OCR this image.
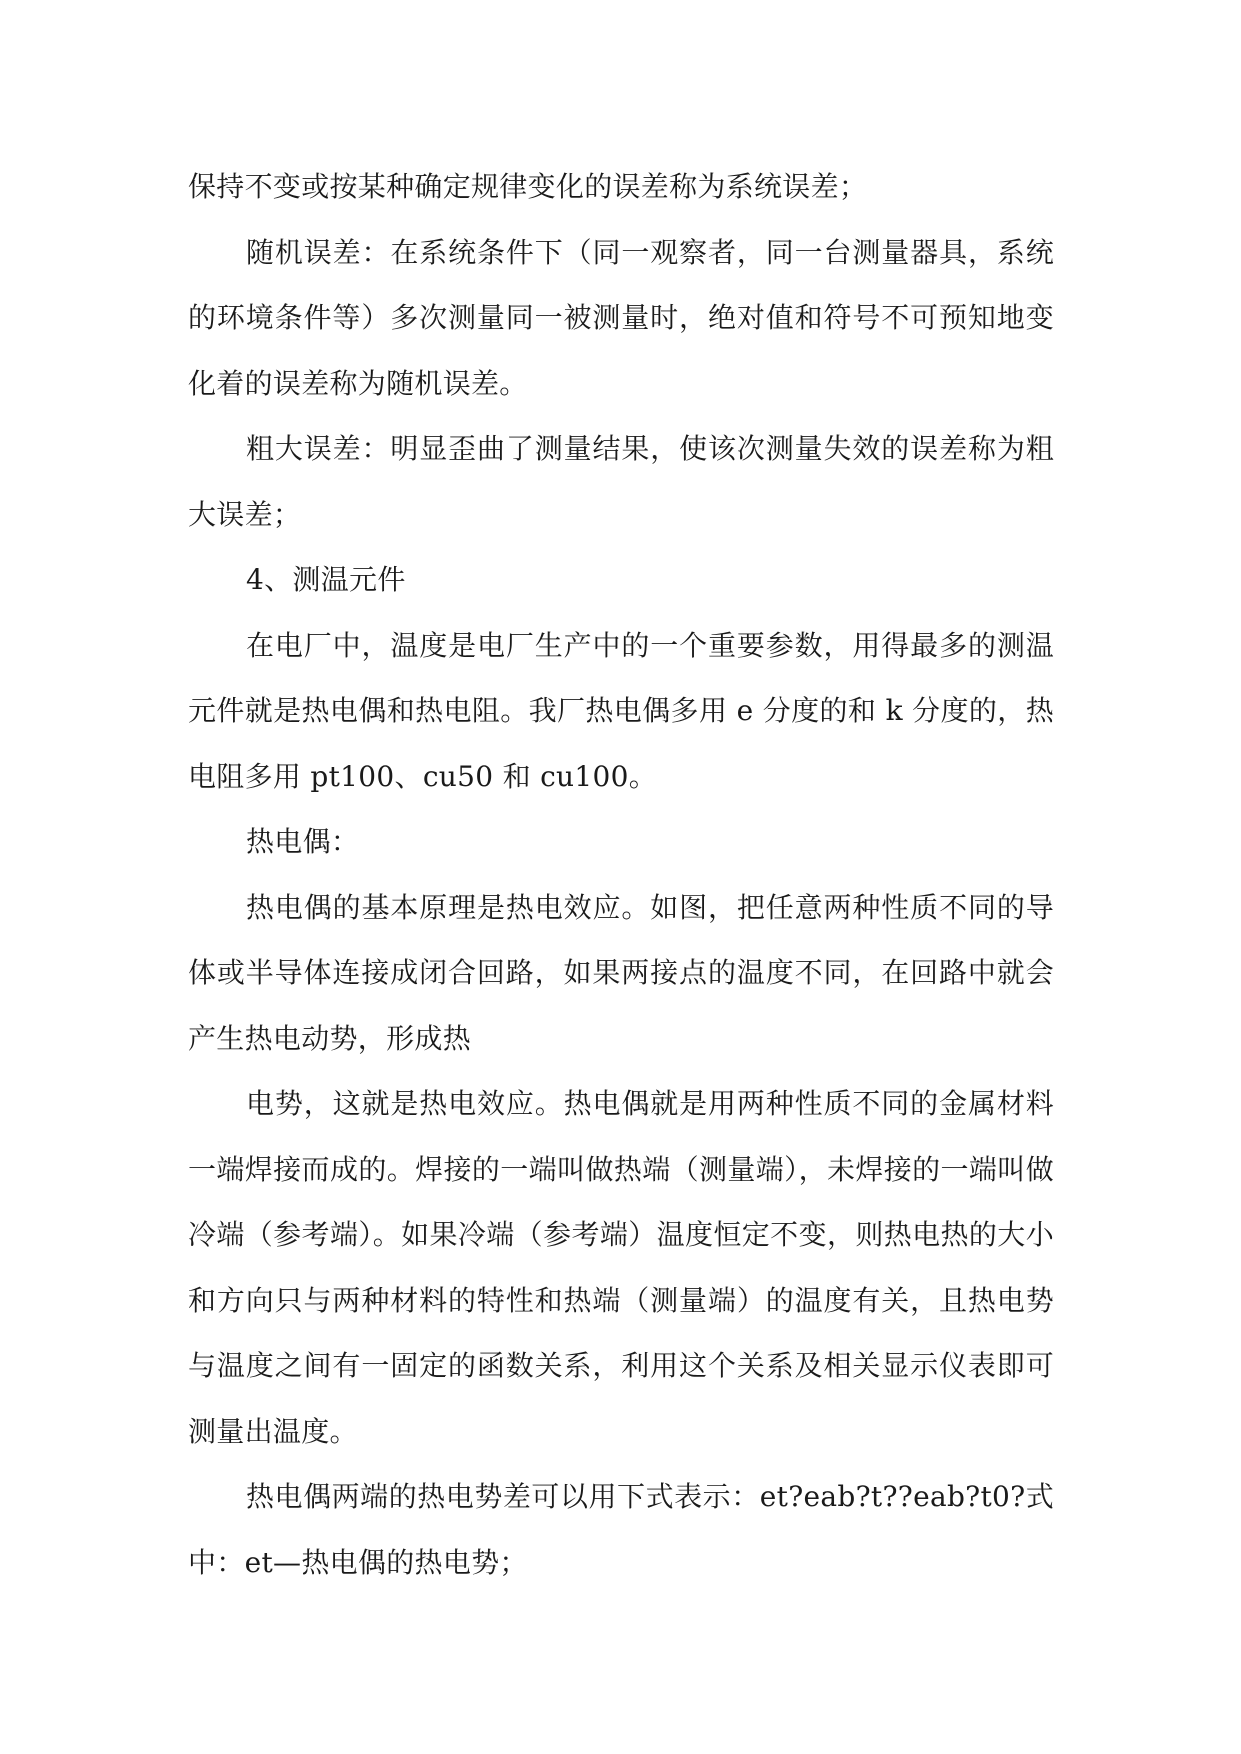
保持不变或按某种确定规律变化的误差称为系统误差；

随机误差：在系统条件下（同一观察者，同一台测量器具，系统的环境条件等）多次测量同一被测量时，绝对值和符号不可预知地变化着的误差称为随机误差。

粗大误差：明显歪曲了测量结果，使该次测量失效的误差称为粗大误差；

4、测温元件

在电厂中，温度是电厂生产中的一个重要参数，用得最多的测温元件就是热电偶和热电阻。我厂热电偶多用 e 分度的和 k 分度的，热电阻多用 pt100、cu50 和 cu100。

热电偶：

热电偶的基本原理是热电效应。如图，把任意两种性质不同的导体或半导体连接成闭合回路，如果两接点的温度不同，在回路中就会产生热电动势，形成热

电势，这就是热电效应。热电偶就是用两种性质不同的金属材料一端焊接而成的。焊接的一端叫做热端（测量端），未焊接的一端叫做冷端（参考端）。如果冷端（参考端）温度恒定不变，则热电热的大小和方向只与两种材料的特性和热端（测量端）的温度有关，且热电势与温度之间有一固定的函数关系，利用这个关系及相关显示仪表即可测量出温度。

热电偶两端的热电势差可以用下式表示：et?eab?t??eab?t0?式中：et—热电偶的热电势；
